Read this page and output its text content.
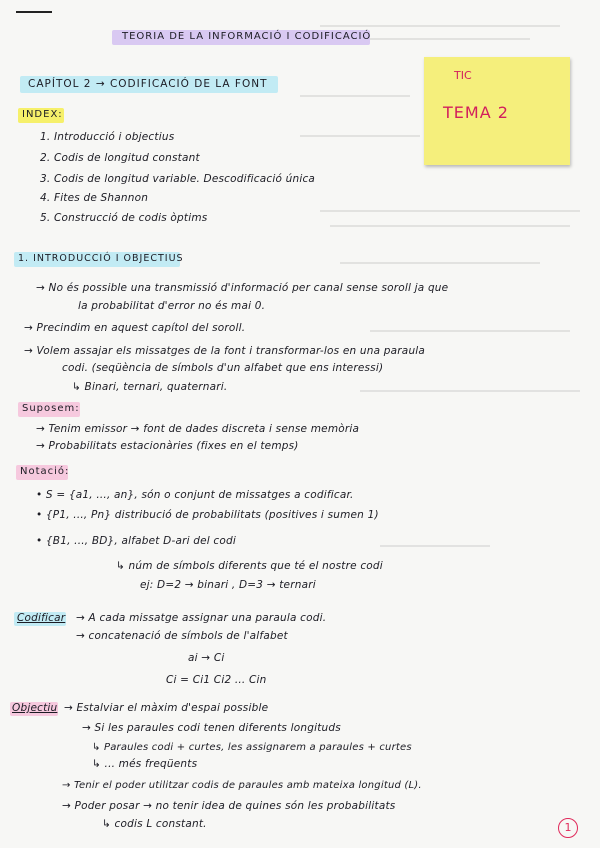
TEORIA DE LA INFORMACIÓ I CODIFICACIÓ
CAPÍTOL 2 → CODIFICACIÓ DE LA FONT
TIC
TEMA 2
INDEX:
1. Introducció i objectius
2. Codis de longitud constant
3. Codis de longitud variable. Descodificació única
4. Fites de Shannon
5. Construcció de codis òptims
1. INTRODUCCIÓ I OBJECTIUS
→ No és possible una transmissió d'informació per canal sense soroll ja que
la probabilitat d'error no és mai 0.
→ Precindim en aquest capítol del soroll.
→ Volem assajar els missatges de la font i transformar-los en una paraula
codi. (seqüència de símbols d'un alfabet que ens interessi)
↳ Binari, ternari, quaternari.
Suposem:
→ Tenim emissor → font de dades discreta i sense memòria
→ Probabilitats estacionàries (fixes en el temps)
Notació:
• S = {a1, ..., an}, són o conjunt de missatges a codificar.
• {P1, ..., Pn} distribució de probabilitats (positives i sumen 1)
• {B1, ..., BD}, alfabet D-ari del codi
↳ núm de símbols diferents que té el nostre codi
ej: D=2 → binari , D=3 → ternari
Codificar → A cada missatge assignar una paraula codi.
→ concatenació de símbols de l'alfabet
ai → Ci
Ci = Ci1 Ci2 ... Cin
Objectiu → Estalviar el màxim d'espai possible
→ Si les paraules codi tenen diferents longituds
↳ Paraules codi + curtes, les assignarem a paraules + curtes
↳ ... més freqüents
→ Tenir el poder utilitzar codis de paraules amb mateixa longitud (L).
→ Poder posar → no tenir idea de quines són les probabilitats
↳ codis L constant.	1
